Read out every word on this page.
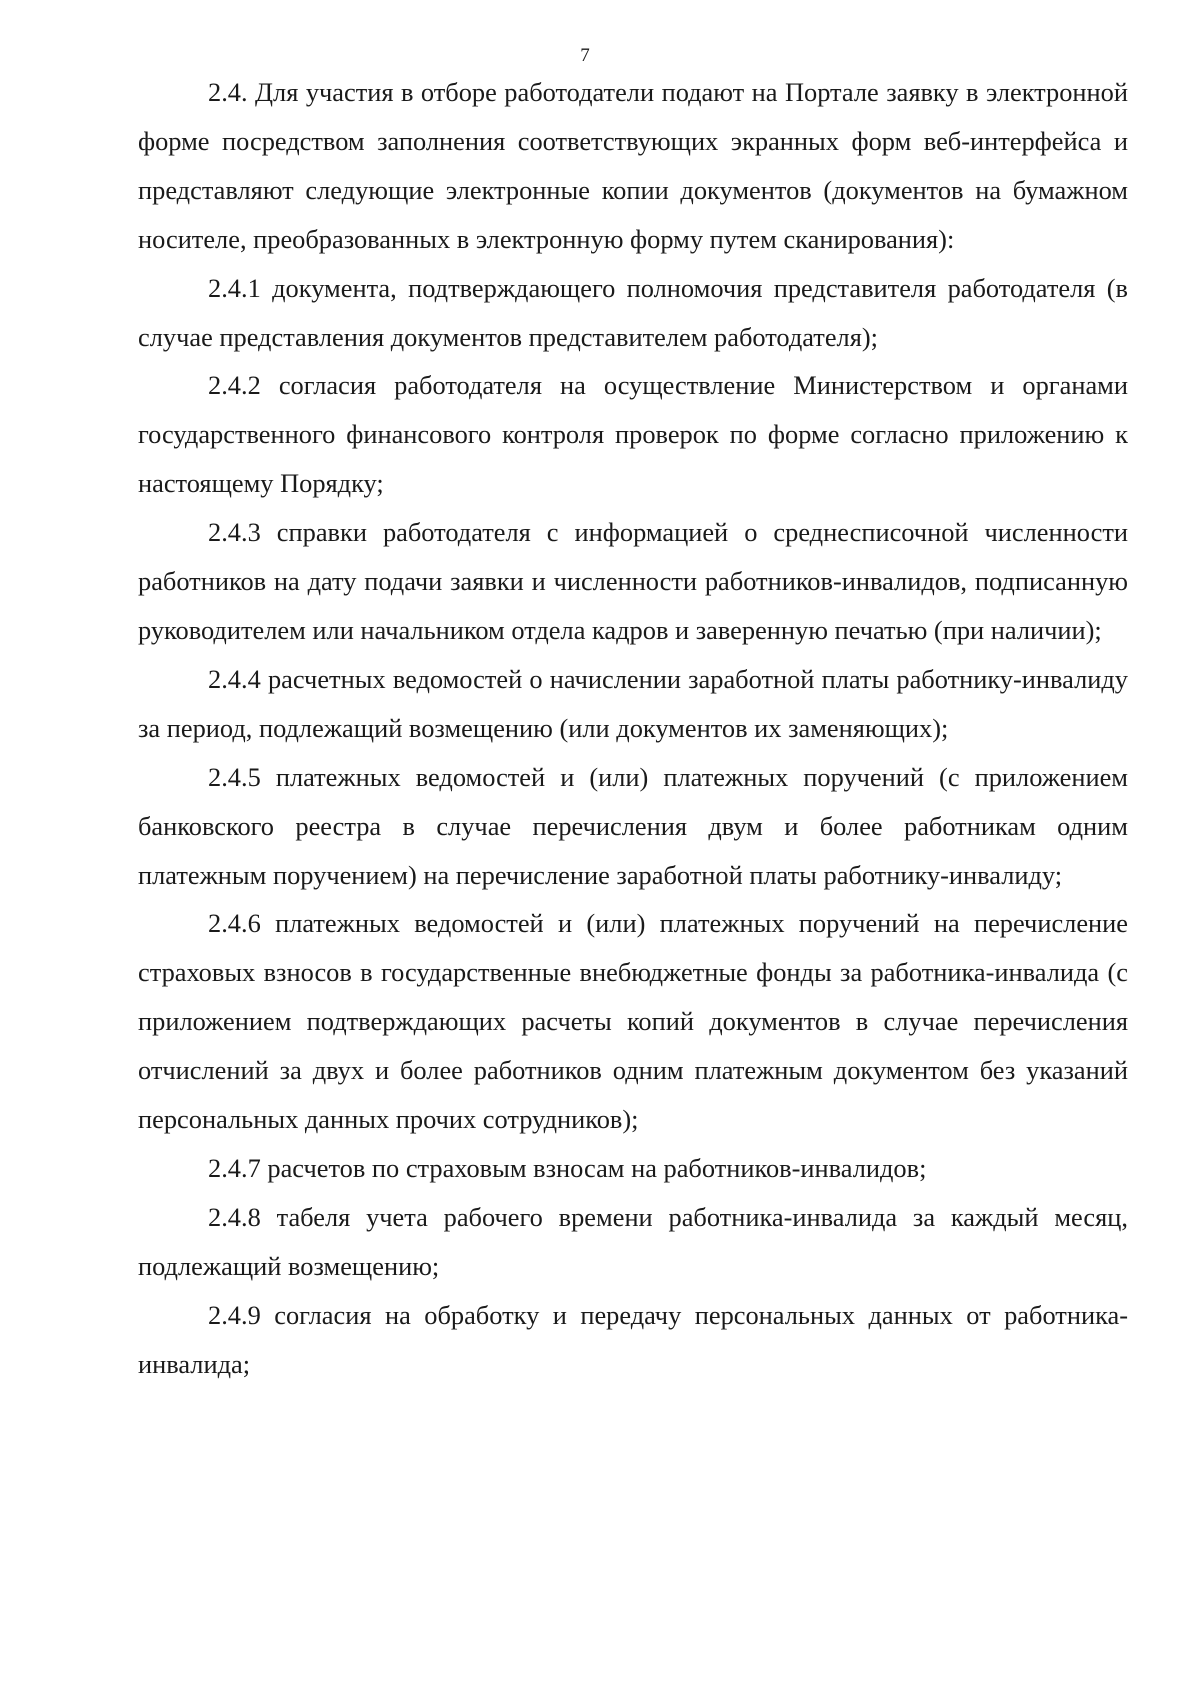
7

2.4. Для участия в отборе работодатели подают на Портале заявку в электронной форме посредством заполнения соответствующих экранных форм веб-интерфейса и представляют следующие электронные копии документов (документов на бумажном носителе, преобразованных в электронную форму путем сканирования):

2.4.1 документа, подтверждающего полномочия представителя работодателя (в случае представления документов представителем работодателя);

2.4.2 согласия работодателя на осуществление Министерством и органами государственного финансового контроля проверок по форме согласно приложению к настоящему Порядку;

2.4.3 справки работодателя с информацией о среднесписочной численности работников на дату подачи заявки и численности работников-инвалидов, подписанную руководителем или начальником отдела кадров и заверенную печатью (при наличии);

2.4.4 расчетных ведомостей о начислении заработной платы работнику-инвалиду за период, подлежащий возмещению (или документов их заменяющих);

2.4.5 платежных ведомостей и (или) платежных поручений (с приложением банковского реестра в случае перечисления двум и более работникам одним платежным поручением) на перечисление заработной платы работнику-инвалиду;

2.4.6 платежных ведомостей и (или) платежных поручений на перечисление страховых взносов в государственные внебюджетные фонды за работника-инвалида (с приложением подтверждающих расчеты копий документов в случае перечисления отчислений за двух и более работников одним платежным документом без указаний персональных данных прочих сотрудников);

2.4.7 расчетов по страховым взносам на работников-инвалидов;

2.4.8 табеля учета рабочего времени работника-инвалида за каждый месяц, подлежащий возмещению;

2.4.9 согласия на обработку и передачу персональных данных от работника-инвалида;
